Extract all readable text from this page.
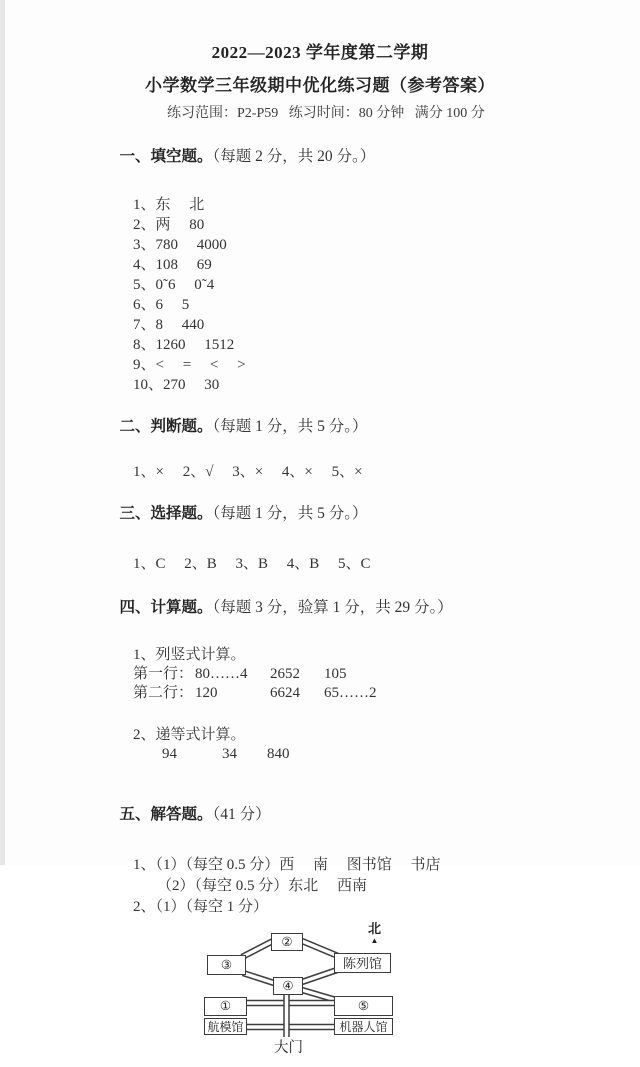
2022—2023 学年度第二学期
小学数学三年级期中优化练习题（参考答案）
练习范围：P2-P59   练习时间：80 分钟   满分 100 分

一、填空题。（每题 2 分，共 20 分。）

1、东     北
2、两     80
3、780     4000
4、108     69
5、0˜6     0˜4
6、6     5
7、8     440
8、1260     1512
9、<     =     <     >
10、270     30

二、判断题。（每题 1 分，共 5 分。）

1、×     2、√     3、×     4、×     5、×

三、选择题。（每题 1 分，共 5 分。）

1、C     2、B     3、B     4、B     5、C

四、计算题。（每题 3 分，验算 1 分，共 29 分。）

1、列竖式计算。
第一行： 80……4	2652	105
第二行： 120	6624	65……2
2、递等式计算。
94	34	840

五、解答题。（41 分）

1、（1）（每空 0.5 分）西     南     图书馆     书店
（2）（每空 0.5 分）东北     西南
2、（1）（每空 1 分）
②
③	陈列馆
④
①	⑤
航模馆	机器人馆
大门
北
▲
